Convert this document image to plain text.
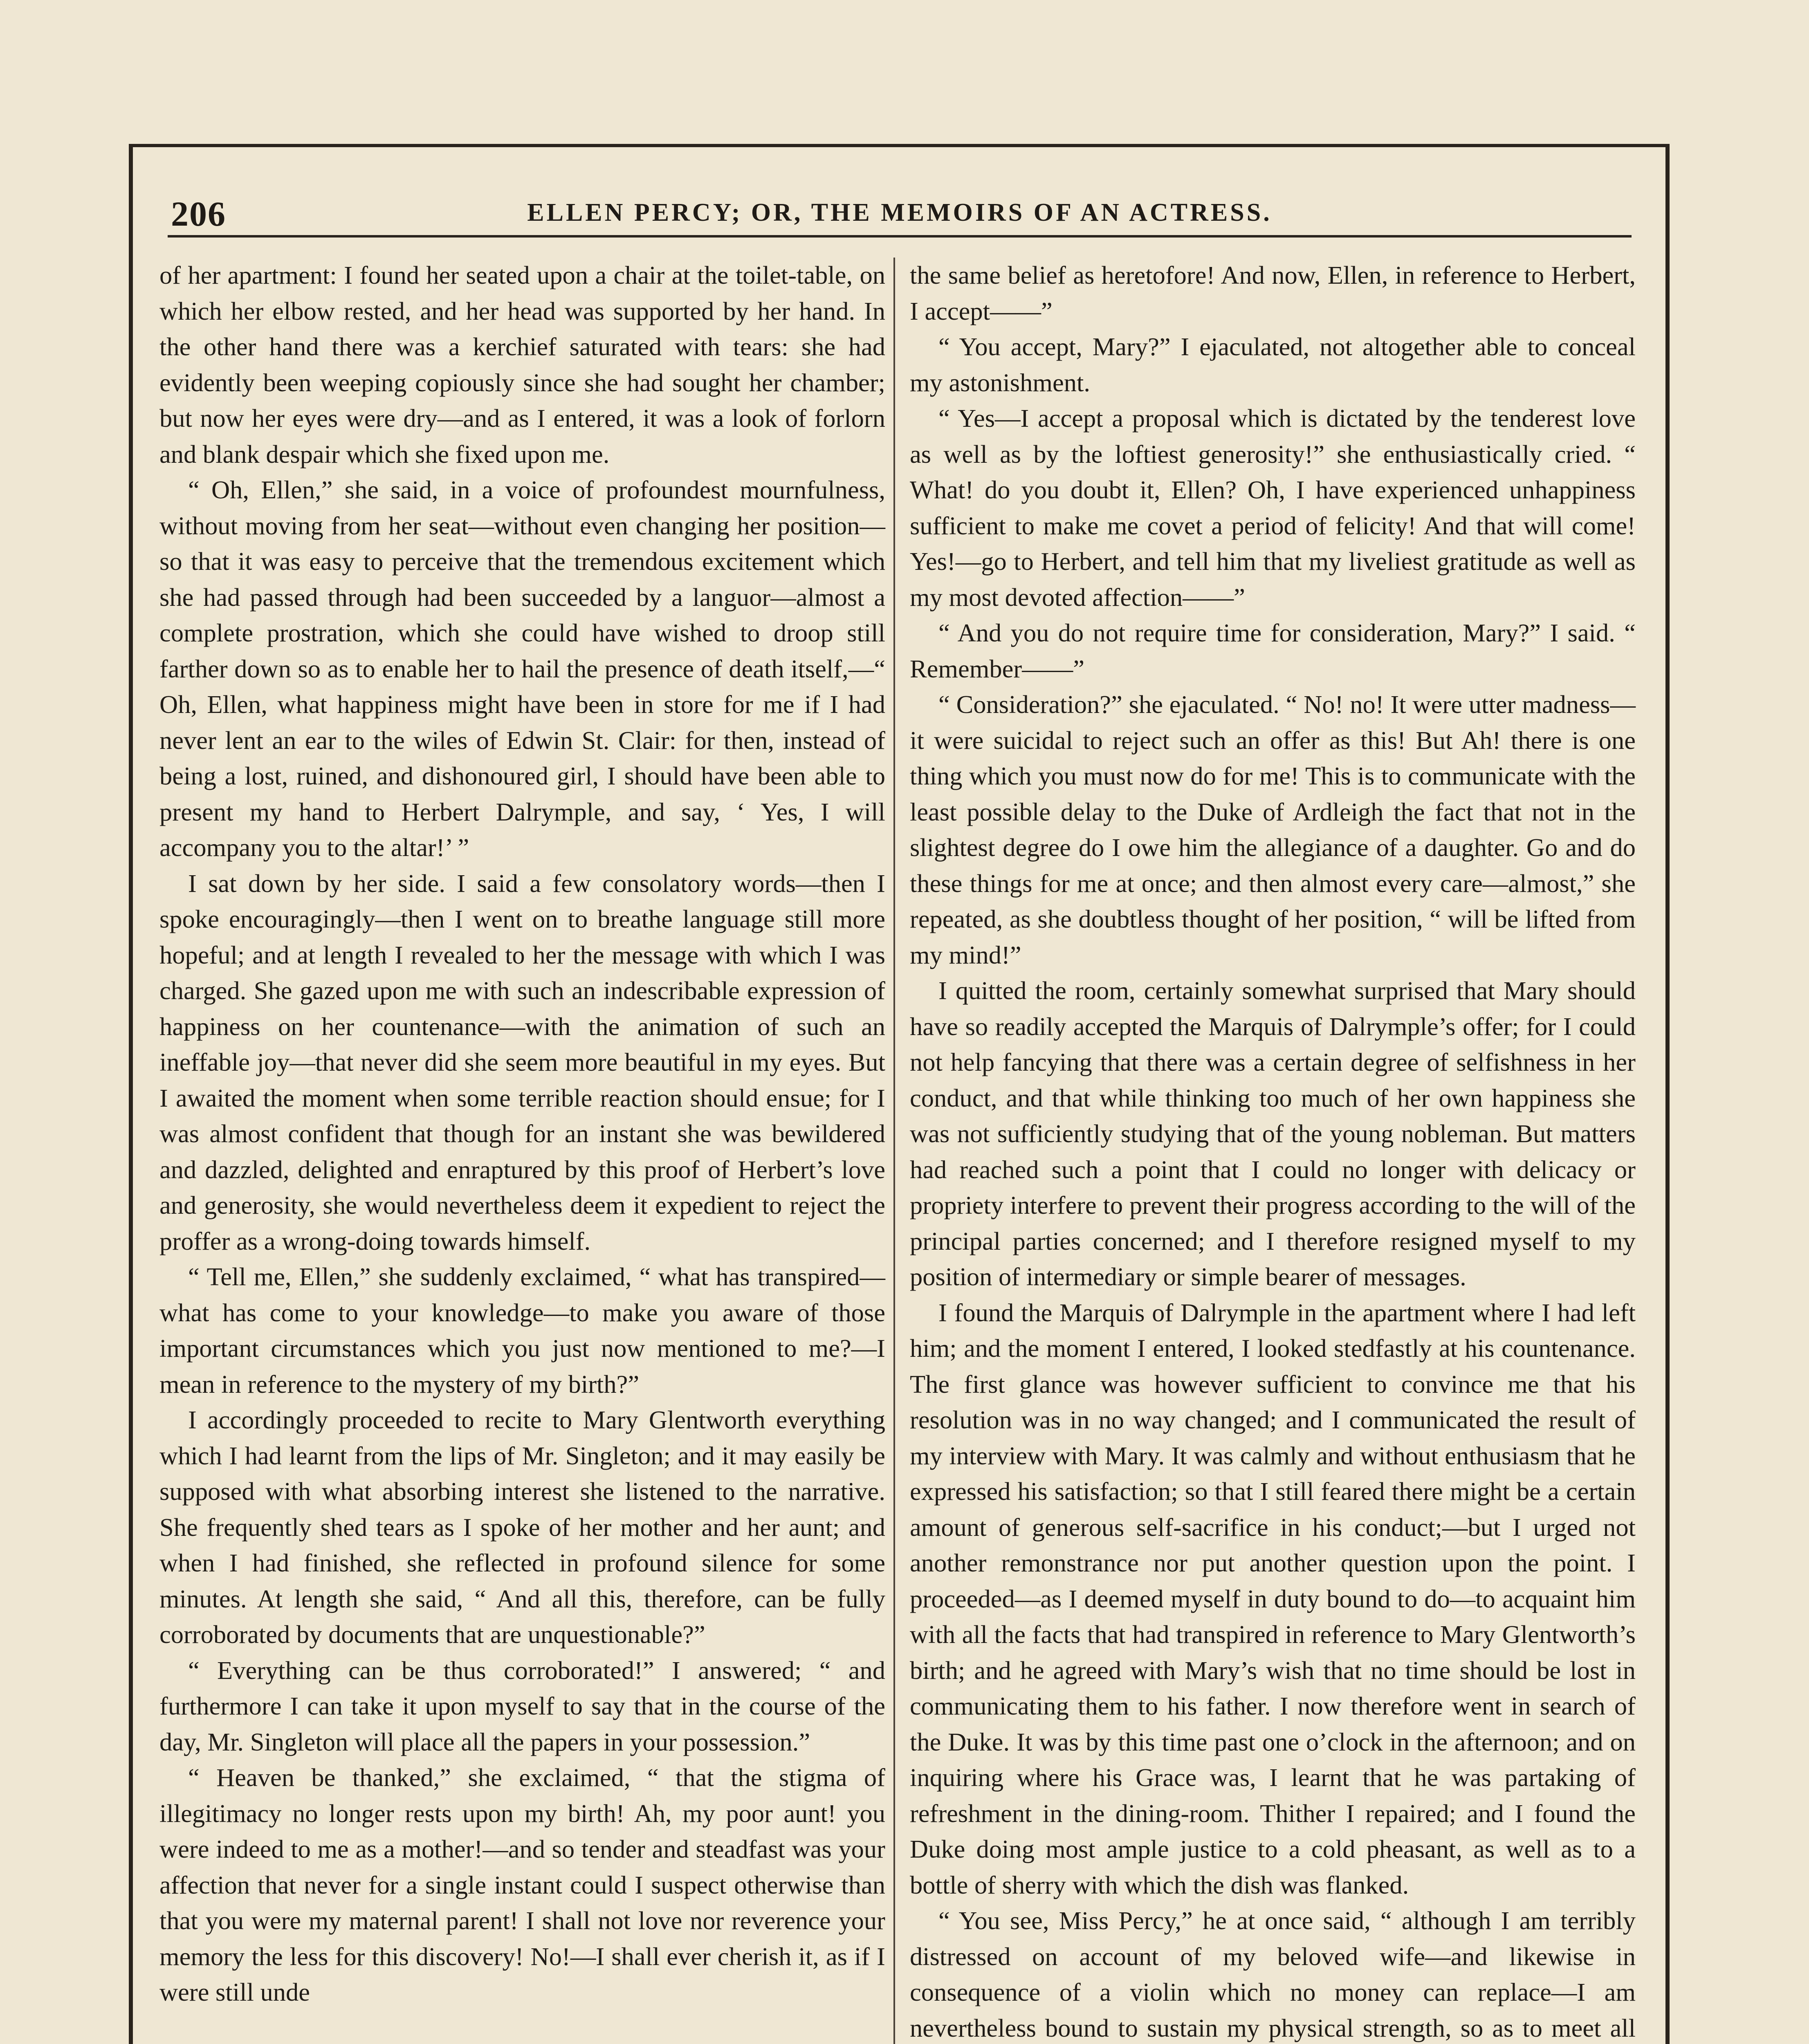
206	ELLEN PERCY; OR, THE MEMOIRS OF AN ACTRESS.

of her apartment: I found her seated upon a chair at the toilet-table, on which her elbow rested, and her head was supported by her hand. In the other hand there was a kerchief saturated with tears: she had evidently been weeping copiously since she had sought her chamber; but now her eyes were dry—and as I entered, it was a look of forlorn and blank despair which she fixed upon me.

“ Oh, Ellen,” she said, in a voice of profoundest mournfulness, without moving from her seat—without even changing her position—so that it was easy to perceive that the tremendous excitement which she had passed through had been succeeded by a languor—almost a complete prostration, which she could have wished to droop still farther down so as to enable her to hail the presence of death itself,—“ Oh, Ellen, what happiness might have been in store for me if I had never lent an ear to the wiles of Edwin St. Clair: for then, instead of being a lost, ruined, and dishonoured girl, I should have been able to present my hand to Herbert Dalrymple, and say, ‘ Yes, I will accompany you to the altar!’ ”

I sat down by her side. I said a few consolatory words—then I spoke encouragingly—then I went on to breathe language still more hopeful; and at length I revealed to her the message with which I was charged. She gazed upon me with such an indescribable expression of happiness on her countenance—with the animation of such an ineffable joy—that never did she seem more beautiful in my eyes. But I awaited the moment when some terrible reaction should ensue; for I was almost confident that though for an instant she was bewildered and dazzled, delighted and enraptured by this proof of Herbert’s love and generosity, she would nevertheless deem it expedient to reject the proffer as a wrong-doing towards himself.

“ Tell me, Ellen,” she suddenly exclaimed, “ what has transpired—what has come to your knowledge—to make you aware of those important circumstances which you just now mentioned to me?—I mean in reference to the mystery of my birth?”

I accordingly proceeded to recite to Mary Glentworth everything which I had learnt from the lips of Mr. Singleton; and it may easily be supposed with what absorbing interest she listened to the narrative. She frequently shed tears as I spoke of her mother and her aunt; and when I had finished, she reflected in profound silence for some minutes. At length she said, “ And all this, therefore, can be fully corroborated by documents that are unquestionable?”

“ Everything can be thus corroborated!” I answered; “ and furthermore I can take it upon myself to say that in the course of the day, Mr. Singleton will place all the papers in your possession.”

“ Heaven be thanked,” she exclaimed, “ that the stigma of illegitimacy no longer rests upon my birth! Ah, my poor aunt! you were indeed to me as a mother!—and so tender and steadfast was your affection that never for a single instant could I suspect otherwise than that you were my maternal parent! I shall not love nor reverence your memory the less for this discovery! No!—I shall ever cherish it, as if I were still unde

the same belief as heretofore! And now, Ellen, in reference to Herbert, I accept——”

“ You accept, Mary?” I ejaculated, not altogether able to conceal my astonishment.

“ Yes—I accept a proposal which is dictated by the tenderest love as well as by the loftiest generosity!” she enthusiastically cried. “ What! do you doubt it, Ellen? Oh, I have experienced unhappiness sufficient to make me covet a period of felicity! And that will come! Yes!—go to Herbert, and tell him that my liveliest gratitude as well as my most devoted affection——”

“ And you do not require time for consideration, Mary?” I said. “ Remember——”

“ Consideration?” she ejaculated. “ No! no! It were utter madness—it were suicidal to reject such an offer as this! But Ah! there is one thing which you must now do for me! This is to communicate with the least possible delay to the Duke of Ardleigh the fact that not in the slightest degree do I owe him the allegiance of a daughter. Go and do these things for me at once; and then almost every care—almost,” she repeated, as she doubtless thought of her position, “ will be lifted from my mind!”

I quitted the room, certainly somewhat surprised that Mary should have so readily accepted the Marquis of Dalrymple’s offer; for I could not help fancying that there was a certain degree of selfishness in her conduct, and that while thinking too much of her own happiness she was not sufficiently studying that of the young nobleman. But matters had reached such a point that I could no longer with delicacy or propriety interfere to prevent their progress according to the will of the principal parties concerned; and I therefore resigned myself to my position of intermediary or simple bearer of messages.

I found the Marquis of Dalrymple in the apartment where I had left him; and the moment I entered, I looked stedfastly at his countenance. The first glance was however sufficient to convince me that his resolution was in no way changed; and I communicated the result of my interview with Mary. It was calmly and without enthusiasm that he expressed his satisfaction; so that I still feared there might be a certain amount of generous self-sacrifice in his conduct;—but I urged not another remonstrance nor put another question upon the point. I proceeded—as I deemed myself in duty bound to do—to acquaint him with all the facts that had transpired in reference to Mary Glentworth’s birth; and he agreed with Mary’s wish that no time should be lost in communicating them to his father. I now therefore went in search of the Duke. It was by this time past one o’clock in the afternoon; and on inquiring where his Grace was, I learnt that he was partaking of refreshment in the dining-room. Thither I repaired; and I found the Duke doing most ample justice to a cold pheasant, as well as to a bottle of sherry with which the dish was flanked.

“ You see, Miss Percy,” he at once said, “ although I am terribly distressed on account of my beloved wife—and likewise in consequence of a violin which no money can replace—I am nevertheless bound to sustain my physical strength, so as to meet all
